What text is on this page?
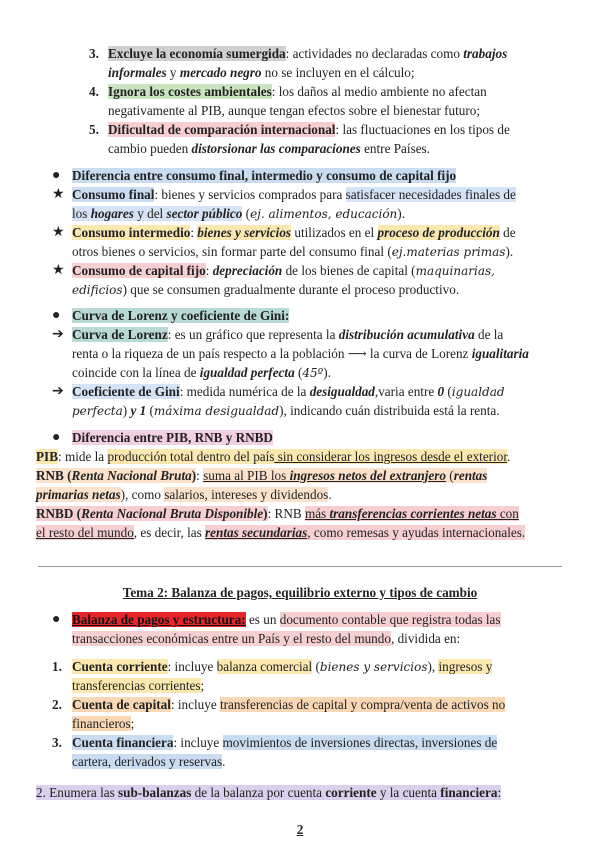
3. Excluye la economía sumergida: actividades no declaradas como trabajos
informales y mercado negro no se incluyen en el cálculo;
4. Ignora los costes ambientales: los daños al medio ambiente no afectan
negativamente al PIB, aunque tengan efectos sobre el bienestar futuro;
5. Dificultad de comparación internacional: las fluctuaciones en los tipos de
cambio pueden distorsionar las comparaciones entre Países.
● Diferencia entre consumo final, intermedio y consumo de capital fijo
★ Consumo final: bienes y servicios comprados para satisfacer necesidades finales de
los hogares y del sector público (ej. alimentos, educación).
★ Consumo intermedio: bienes y servicios utilizados en el proceso de producción de
otros bienes o servicios, sin formar parte del consumo final (ej.materias primas).
★ Consumo de capital fijo: depreciación de los bienes de capital (maquinarias,
edificios) que se consumen gradualmente durante el proceso productivo.
● Curva de Lorenz y coeficiente de Gini:
➔ Curva de Lorenz: es un gráfico que representa la distribución acumulativa de la
renta o la riqueza de un país respecto a la población ⟶ la curva de Lorenz igualitaria
coincide con la línea de igualdad perfecta (45º).
➔ Coeficiente de Gini: medida numérica de la desigualdad,varia entre 0 (igualdad
perfecta) y 1 (máxima desigualdad), indicando cuán distribuida está la renta.
● Diferencia entre PIB, RNB y RNBD
PIB: mide la producción total dentro del país sin considerar los ingresos desde el exterior.
RNB (Renta Nacional Bruta): suma al PIB los ingresos netos del extranjero (rentas
primarias netas), como salarios, intereses y dividendos.
RNBD (Renta Nacional Bruta Disponible): RNB más transferencias corrientes netas con
el resto del mundo, es decir, las rentas secundarias, como remesas y ayudas internacionales.
Tema 2: Balanza de pagos, equilibrio externo y tipos de cambio
● Balanza de pagos y estructura: es un documento contable que registra todas las
transacciones económicas entre un País y el resto del mundo, dividida en:
1. Cuenta corriente: incluye balanza comercial (bienes y servicios), ingresos y
transferencias corrientes;
2. Cuenta de capital: incluye transferencias de capital y compra/venta de activos no
financieros;
3. Cuenta financiera: incluye movimientos de inversiones directas, inversiones de
cartera, derivados y reservas.
2. Enumera las sub-balanzas de la balanza por cuenta corriente y la cuenta financiera:
2
